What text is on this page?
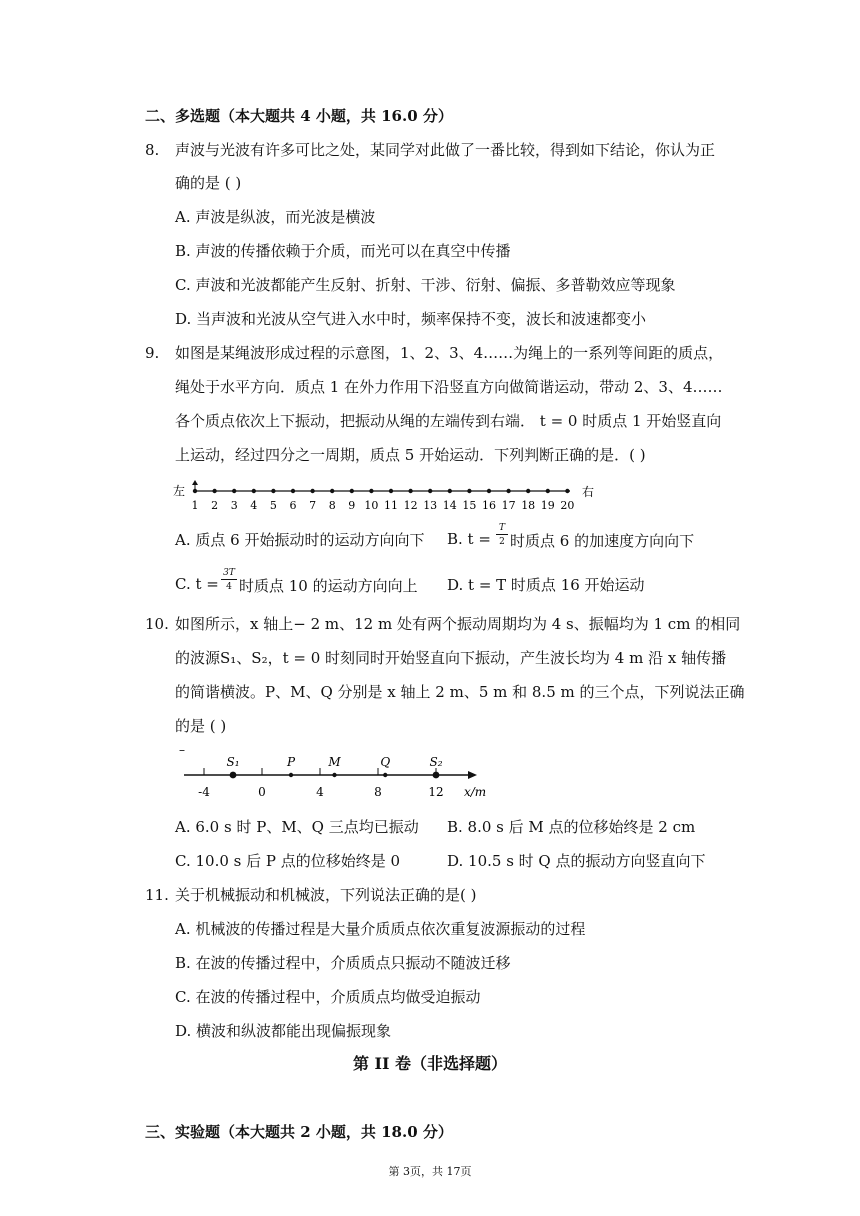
二、多选题（本大题共 4 小题，共 16.0 分）
8. 声波与光波有许多可比之处，某同学对此做了一番比较，得到如下结论，你认为正
确的是 ( )
A. 声波是纵波，而光波是横波
B. 声波的传播依赖于介质，而光可以在真空中传播
C. 声波和光波都能产生反射、折射、干涉、衍射、偏振、多普勒效应等现象
D. 当声波和光波从空气进入水中时，频率保持不变，波长和波速都变小
9. 如图是某绳波形成过程的示意图，1、2、3、4……为绳上的一系列等间距的质点，
绳处于水平方向．质点 1 在外力作用下沿竖直方向做简谐运动，带动 2、3、4……
各个质点依次上下振动，把振动从绳的左端传到右端． t = 0 时质点 1 开始竖直向
上运动，经过四分之一周期，质点 5 开始运动．下列判断正确的是．( )
左	右
1 2 3 4 5 6 7 8 9 10 11 12 13 14 15 16 17 18 19 20
A. 质点 6 开始振动时的运动方向向下 B. t =
T
2 时质点 6 的加速度方向向下
C. t =
3T
4 时质点 10 的运动方向向上 D. t = T 时质点 16 开始运动
10. 如图所示，x 轴上− 2 m、12 m 处有两个振动周期均为 4 s、振幅均为 1 cm 的相同
的波源S₁、S₂，t = 0 时刻同时开始竖直向下振动，产生波长均为 4 m 沿 x 轴传播
的简谐横波。P、M、Q 分别是 x 轴上 2 m、5 m 和 8.5 m 的三个点，下列说法正确
的是 ( )
–
-4	0	4	8	12
S₁	P	M	Q	S₂
x/m
A. 6.0 s 时 P、M、Q 三点均已振动 B. 8.0 s 后 M 点的位移始终是 2 cm
C. 10.0 s 后 P 点的位移始终是 0	D. 10.5 s 时 Q 点的振动方向竖直向下
11. 关于机械振动和机械波，下列说法正确的是( )
A. 机械波的传播过程是大量介质质点依次重复波源振动的过程
B. 在波的传播过程中，介质质点只振动不随波迁移
C. 在波的传播过程中，介质质点均做受迫振动
D. 横波和纵波都能出现偏振现象
第 II 卷（非选择题）
三、实验题（本大题共 2 小题，共 18.0 分）
第 3页，共 17页
